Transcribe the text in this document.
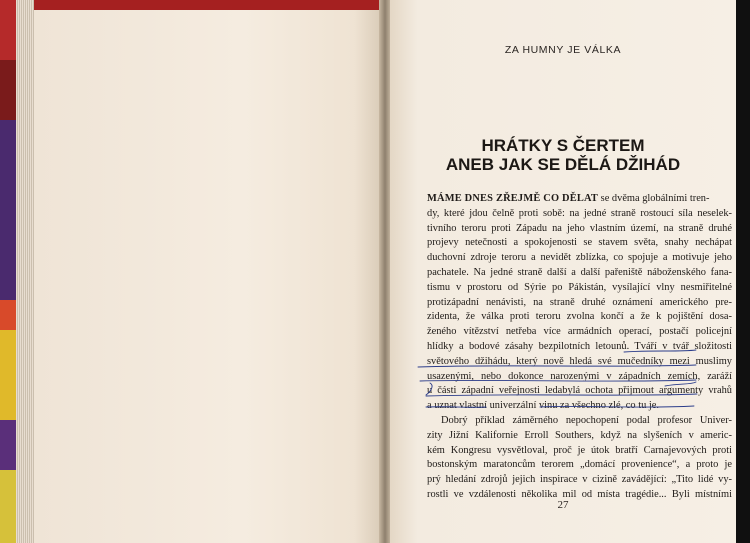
ZA HUMNY JE VÁLKA
HRÁTKY S ČERTEM
ANEB JAK SE DĚLÁ DŽIHÁD
MÁME DNES ZŘEJMĚ CO DĚLAT se dvěma globálními tren-
dy, které jdou čelně proti sobě: na jedné straně rostoucí síla neselek-
tivního teroru proti Západu na jeho vlastním území, na straně druhé
projevy netečnosti a spokojenosti se stavem světa, snahy nechápat
duchovní zdroje teroru a nevidět zblízka, co spojuje a motivuje jeho
pachatele. Na jedné straně další a další pařeniště náboženského fana-
tismu v prostoru od Sýrie po Pákistán, vysílající vlny nesmiřitelné
protizápadní nenávisti, na straně druhé oznámení amerického pre-
zidenta, že válka proti teroru zvolna končí a že k pojištění dosa-
ženého vítězství netřeba více armádních operací, postačí policejní
hlídky a bodové zásahy bezpilotních letounů. Tváří v tvář složitosti
světového džihádu, který nově hledá své mučedníky mezi muslimy
usazenými, nebo dokonce narozenými v západních zemích, zaráží
u části západní veřejnosti ledabylá ochota přijmout argumenty vrahů
a uznat vlastní univerzální vinu za všechno zlé, co tu je.
Dobrý příklad záměrného nepochopení podal profesor Univer-
zity Jižní Kalifornie Erroll Southers, když na slyšeních v americ-
kém Kongresu vysvětloval, proč je útok bratří Carnajevových proti
bostonským maratoncům terorem „domácí provenience“, a proto je
prý hledání zdrojů jejich inspirace v cizině zavádějící: „Tito lidé vy-
rostli ve vzdálenosti několika mil od místa tragédie... Byli místními
27
